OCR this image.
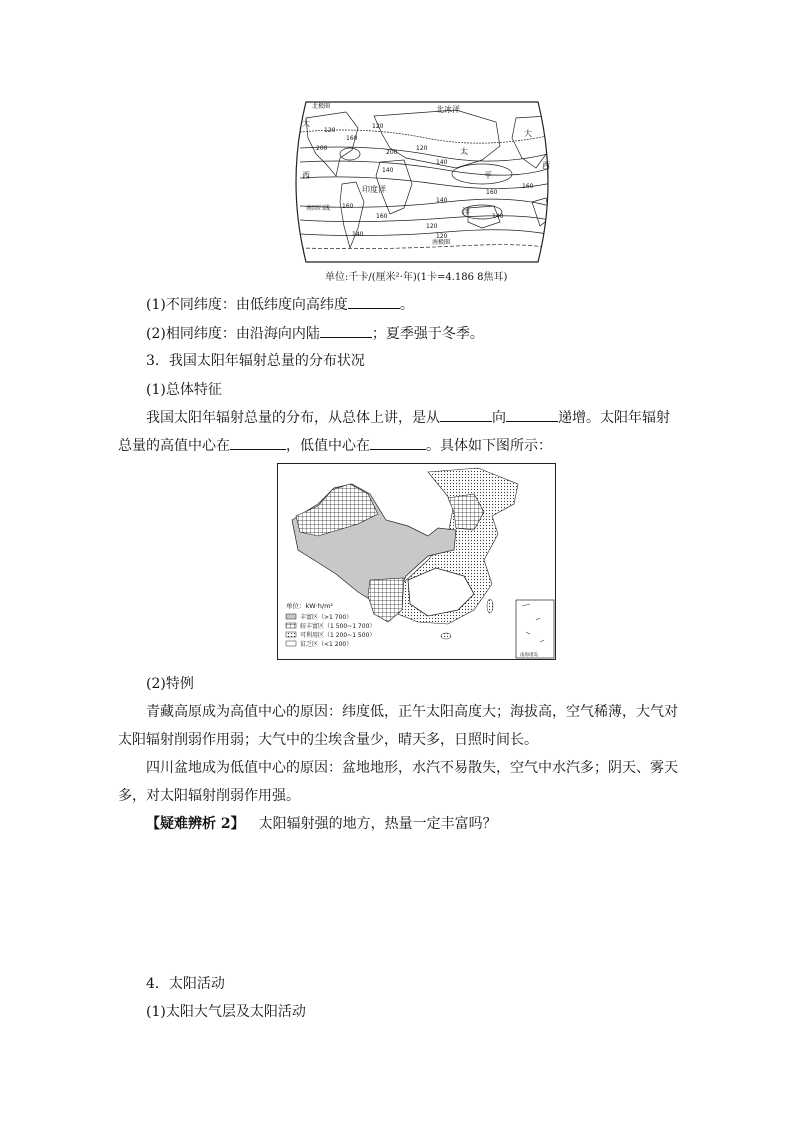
北冰洋
北极圈
大
大
太
平
洋
西
西
印度洋
南回归线
南极圈
120
120
160
200
200
140
120
140
160
160
160
140
160	140
120
120
140
单位:千卡/(厘米²·年)(1卡=4.186 8焦耳)
(1)不同纬度：由低纬度向高纬度	。
(2)相同纬度：由沿海向内陆	；夏季强于冬季。
3．我国太阳年辐射总量的分布状况
(1)总体特征
我国太阳年辐射总量的分布，从总体上讲，是从	向	递增。太阳年辐射
总量的高值中心在	，低值中心在	。具体如下图所示：
南海诸岛
单位：kW·h/m²
丰富区（>1 700）
较丰富区（1 500~1 700）
可利用区（1 200~1 500）
贫乏区（<1 200）
(2)特例
青藏高原成为高值中心的原因：纬度低，正午太阳高度大；海拔高，空气稀薄，大气对
太阳辐射削弱作用弱；大气中的尘埃含量少，晴天多，日照时间长。
四川盆地成为低值中心的原因：盆地地形，水汽不易散失，空气中水汽多；阴天、雾天
多，对太阳辐射削弱作用强。
【疑难辨析 2】 太阳辐射强的地方，热量一定丰富吗？
4．太阳活动
(1)太阳大气层及太阳活动
